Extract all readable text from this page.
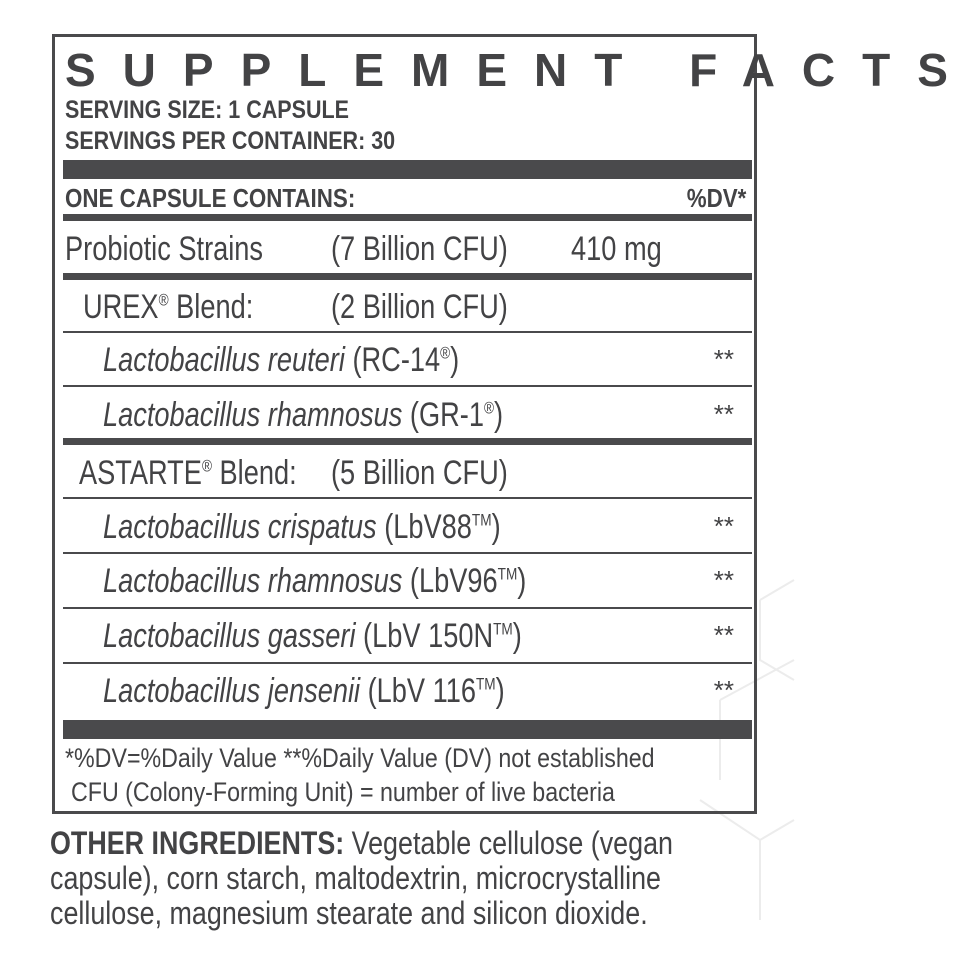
SUPPLEMENT FACTS
SERVING SIZE: 1 CAPSULE
SERVINGS PER CONTAINER: 30
ONE CAPSULE CONTAINS:	%DV*
Probiotic Strains (7 Billion CFU) 410 mg
UREX® Blend: (2 Billion CFU)
Lactobacillus reuteri (RC-14®)	**
Lactobacillus rhamnosus (GR-1®)	**
ASTARTE® Blend: (5 Billion CFU)
Lactobacillus crispatus (LbV88™)	**
Lactobacillus rhamnosus (LbV96™)	**
Lactobacillus gasseri (LbV 150N™)	**
Lactobacillus jensenii (LbV 116™)	**
*%DV=%Daily Value **%Daily Value (DV) not established
CFU (Colony-Forming Unit) = number of live bacteria
OTHER INGREDIENTS: Vegetable cellulose (vegan
capsule), corn starch, maltodextrin, microcrystalline
cellulose, magnesium stearate and silicon dioxide.
